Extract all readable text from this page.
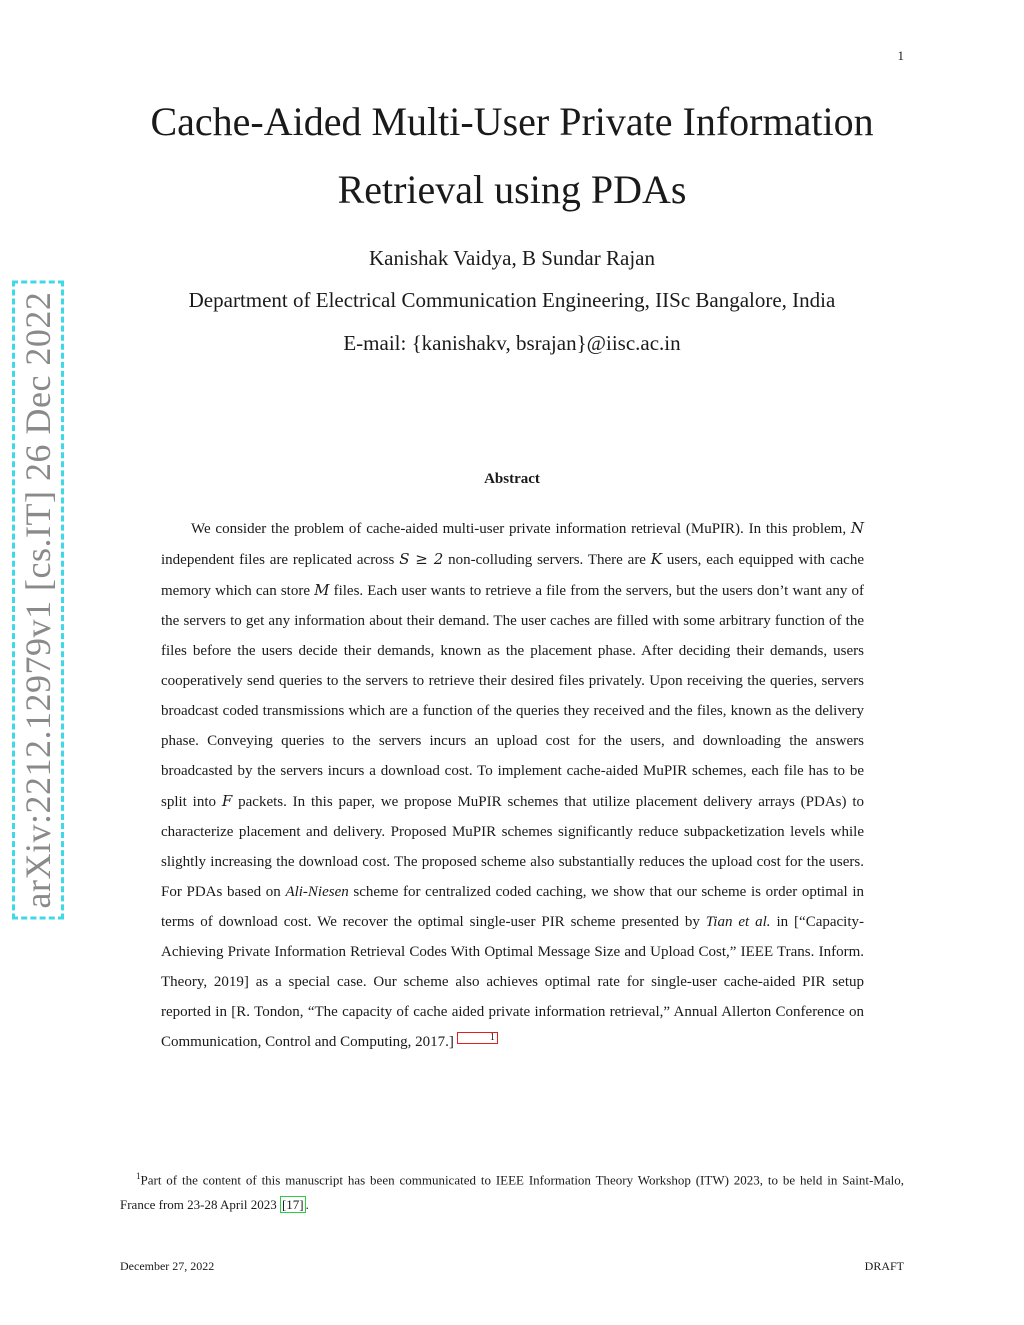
1
arXiv:2212.12979v1 [cs.IT] 26 Dec 2022
Cache-Aided Multi-User Private Information
Retrieval using PDAs
Kanishak Vaidya, B Sundar Rajan
Department of Electrical Communication Engineering, IISc Bangalore, India
E-mail: {kanishakv, bsrajan}@iisc.ac.in
Abstract

We consider the problem of cache-aided multi-user private information retrieval (MuPIR). In this problem, N independent files are replicated across S ≥ 2 non-colluding servers. There are K users, each equipped with cache memory which can store M files. Each user wants to retrieve a file from the servers, but the users don’t want any of the servers to get any information about their demand. The user caches are filled with some arbitrary function of the files before the users decide their demands, known as the placement phase. After deciding their demands, users cooperatively send queries to the servers to retrieve their desired files privately. Upon receiving the queries, servers broadcast coded transmissions which are a function of the queries they received and the files, known as the delivery phase. Conveying queries to the servers incurs an upload cost for the users, and downloading the answers broadcasted by the servers incurs a download cost. To implement cache-aided MuPIR schemes, each file has to be split into F packets. In this paper, we propose MuPIR schemes that utilize placement delivery arrays (PDAs) to characterize placement and delivery. Proposed MuPIR schemes significantly reduce subpacketization levels while slightly increasing the download cost. The proposed scheme also substantially reduces the upload cost for the users. For PDAs based on Ali-Niesen scheme for centralized coded caching, we show that our scheme is order optimal in terms of download cost. We recover the optimal single-user PIR scheme presented by Tian et al. in [“Capacity-Achieving Private Information Retrieval Codes With Optimal Message Size and Upload Cost,” IEEE Trans. Inform. Theory, 2019] as a special case. Our scheme also achieves optimal rate for single-user cache-aided PIR setup reported in [R. Tondon, “The capacity of cache aided private information retrieval,” Annual Allerton Conference on Communication, Control and Computing, 2017.]	1

$^1$Part of the content of this manuscript has been communicated to IEEE Information Theory Workshop (ITW) 2023, to be held in Saint-Malo, France from 23-28 April 2023 [17] .

December 27, 2022	DRAFT
